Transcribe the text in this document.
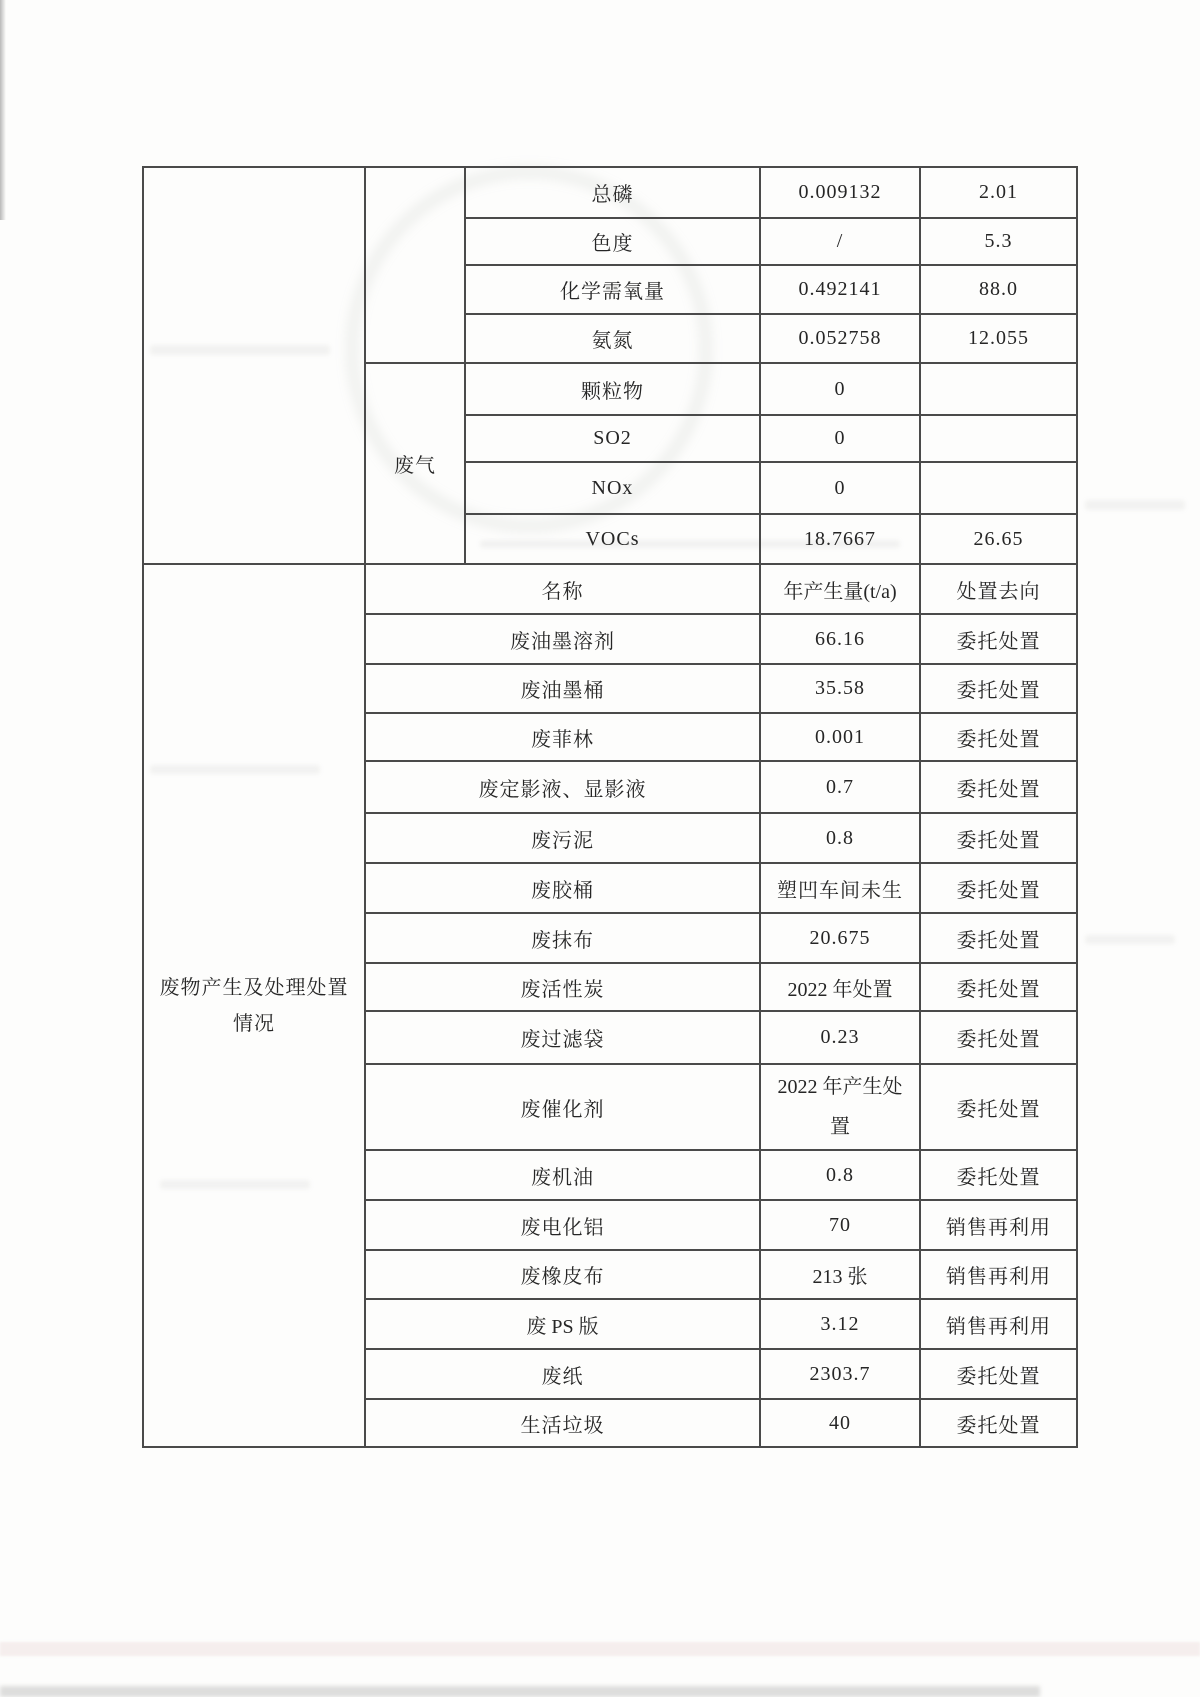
		总磷	0.009132	2.01
		色度	/	5.3
		化学需氧量	0.492141	88.0
		氨氮	0.052758	12.055
	废气	颗粒物	0	
		SO2	0	
		NOx	0	
		VOCs	18.7667	26.65

废物产生及处理处置
情况	名称		年产生量(t/a)	处置去向
	废油墨溶剂		66.16	委托处置
	废油墨桶		35.58	委托处置
	废菲林		0.001	委托处置
	废定影液、显影液		0.7	委托处置
	废污泥		0.8	委托处置
	废胶桶		塑凹车间未生	委托处置
	废抹布		20.675	委托处置
	废活性炭		2022 年处置	委托处置
	废过滤袋		0.23	委托处置
	废催化剂		2022 年产生处置	委托处置
	废机油		0.8	委托处置
	废电化铝		70	销售再利用
	废橡皮布		213 张	销售再利用
	废 PS 版		3.12	销售再利用
	废纸		2303.7	委托处置
	生活垃圾		40	委托处置
